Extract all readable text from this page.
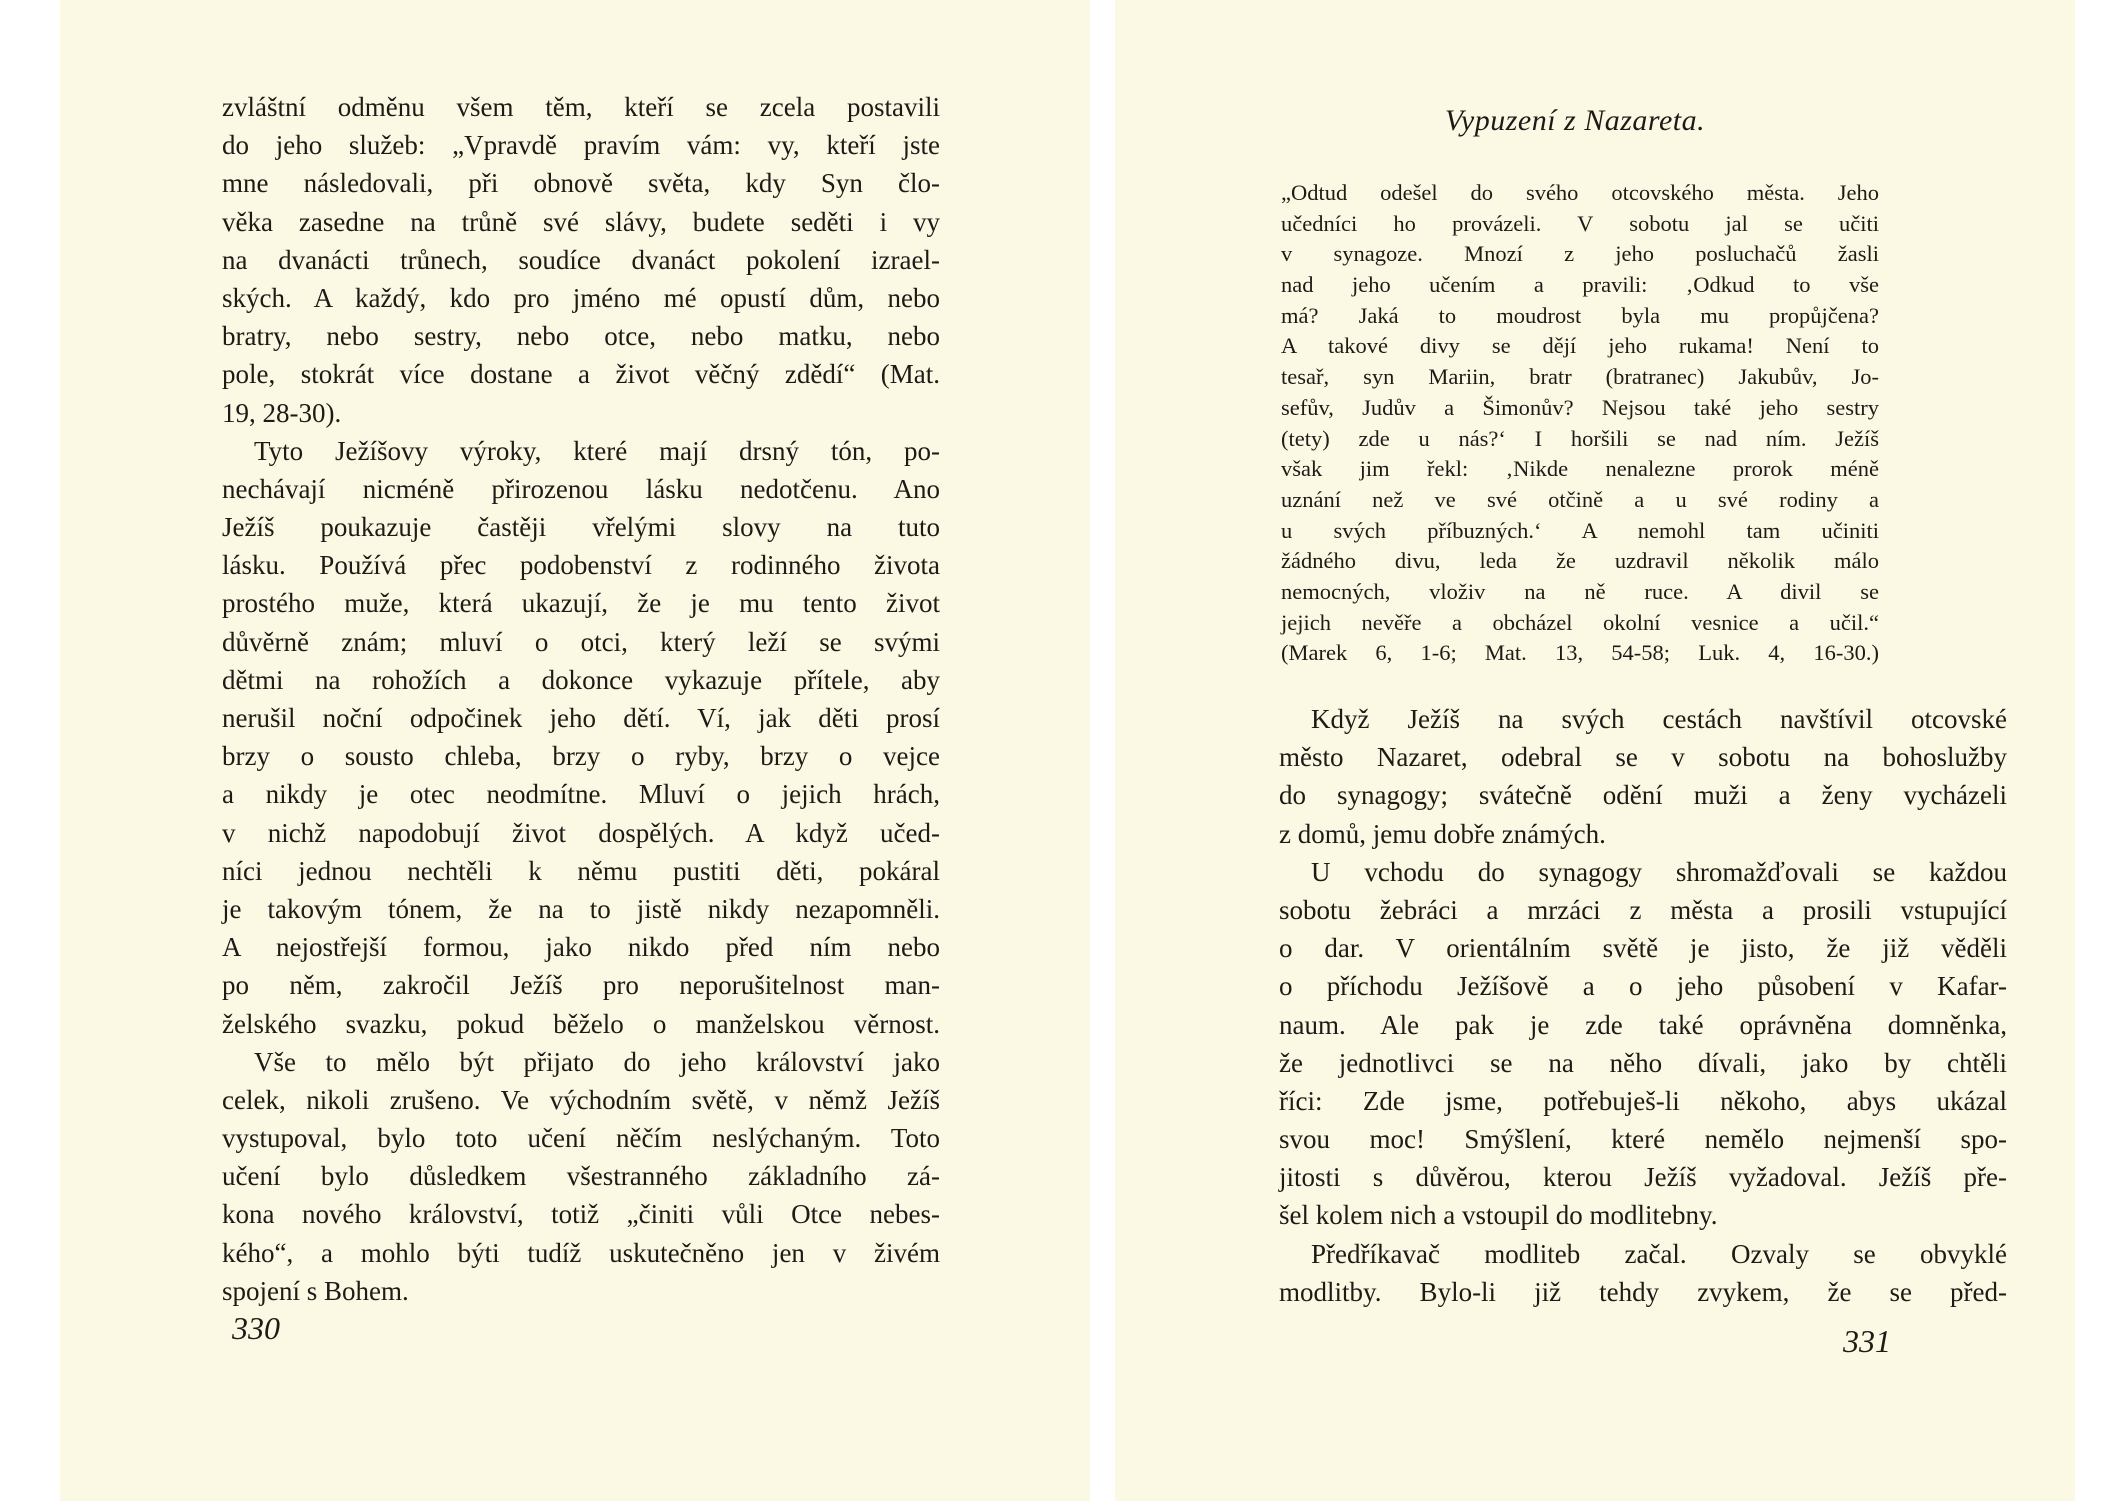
zvláštní odměnu všem těm, kteří se zcela postavili
do jeho služeb: „Vpravdě pravím vám: vy, kteří jste
mne následovali, při obnově světa, kdy Syn člo-
věka zasedne na trůně své slávy, budete seděti i vy
na dvanácti trůnech, soudíce dvanáct pokolení izrael-
ských. A každý, kdo pro jméno mé opustí dům, nebo
bratry, nebo sestry, nebo otce, nebo matku, nebo
pole, stokrát více dostane a život věčný zdědí“ (Mat.
19, 28-30).
Tyto Ježíšovy výroky, které mají drsný tón, po-
nechávají nicméně přirozenou lásku nedotčenu. Ano
Ježíš poukazuje častěji vřelými slovy na tuto
lásku. Používá přec podobenství z rodinného života
prostého muže, která ukazují, že je mu tento život
důvěrně znám; mluví o otci, který leží se svými
dětmi na rohožích a dokonce vykazuje přítele, aby
nerušil noční odpočinek jeho dětí. Ví, jak děti prosí
brzy o sousto chleba, brzy o ryby, brzy o vejce
a nikdy je otec neodmítne. Mluví o jejich hrách,
v nichž napodobují život dospělých. A když učed-
níci jednou nechtěli k němu pustiti děti, pokáral
je takovým tónem, že na to jistě nikdy nezapomněli.
A nejostřejší formou, jako nikdo před ním nebo
po něm, zakročil Ježíš pro neporušitelnost man-
želského svazku, pokud běželo o manželskou věrnost.
Vše to mělo být přijato do jeho království jako
celek, nikoli zrušeno. Ve východním světě, v němž Ježíš
vystupoval, bylo toto učení něčím neslýchaným. Toto
učení bylo důsledkem všestranného základního zá-
kona nového království, totiž „činiti vůli Otce nebes-
kého“, a mohlo býti tudíž uskutečněno jen v živém
spojení s Bohem.

330

Vypuzení z Nazareta.
„Odtud odešel do svého otcovského města. Jeho
učedníci ho provázeli. V sobotu jal se učiti
v synagoze. Mnozí z jeho posluchačů žasli
nad jeho učením a pravili: ‚Odkud to vše
má? Jaká to moudrost byla mu propůjčena?
A takové divy se dějí jeho rukama! Není to
tesař, syn Mariin, bratr (bratranec) Jakubův, Jo-
sefův, Judův a Šimonův? Nejsou také jeho sestry
(tety) zde u nás?‘ I horšili se nad ním. Ježíš
však jim řekl: ‚Nikde nenalezne prorok méně
uznání než ve své otčině a u své rodiny a
u svých příbuzných.‘ A nemohl tam učiniti
žádného divu, leda že uzdravil několik málo
nemocných, vloživ na ně ruce. A divil se
jejich nevěře a obcházel okolní vesnice a učil.“
(Marek 6, 1-6; Mat. 13, 54-58; Luk. 4, 16-30.)
Když Ježíš na svých cestách navštívil otcovské
město Nazaret, odebral se v sobotu na bohoslužby
do synagogy; svátečně odění muži a ženy vycházeli
z domů, jemu dobře známých.
U vchodu do synagogy shromažďovali se každou
sobotu žebráci a mrzáci z města a prosili vstupující
o dar. V orientálním světě je jisto, že již věděli
o příchodu Ježíšově a o jeho působení v Kafar-
naum. Ale pak je zde také oprávněna domněnka,
že jednotlivci se na něho dívali, jako by chtěli
říci: Zde jsme, potřebuješ-li někoho, abys ukázal
svou moc! Smýšlení, které nemělo nejmenší spo-
jitosti s důvěrou, kterou Ježíš vyžadoval. Ježíš pře-
šel kolem nich a vstoupil do modlitebny.
Předříkavač modliteb začal. Ozvaly se obvyklé
modlitby. Bylo-li již tehdy zvykem, že se před-

331
